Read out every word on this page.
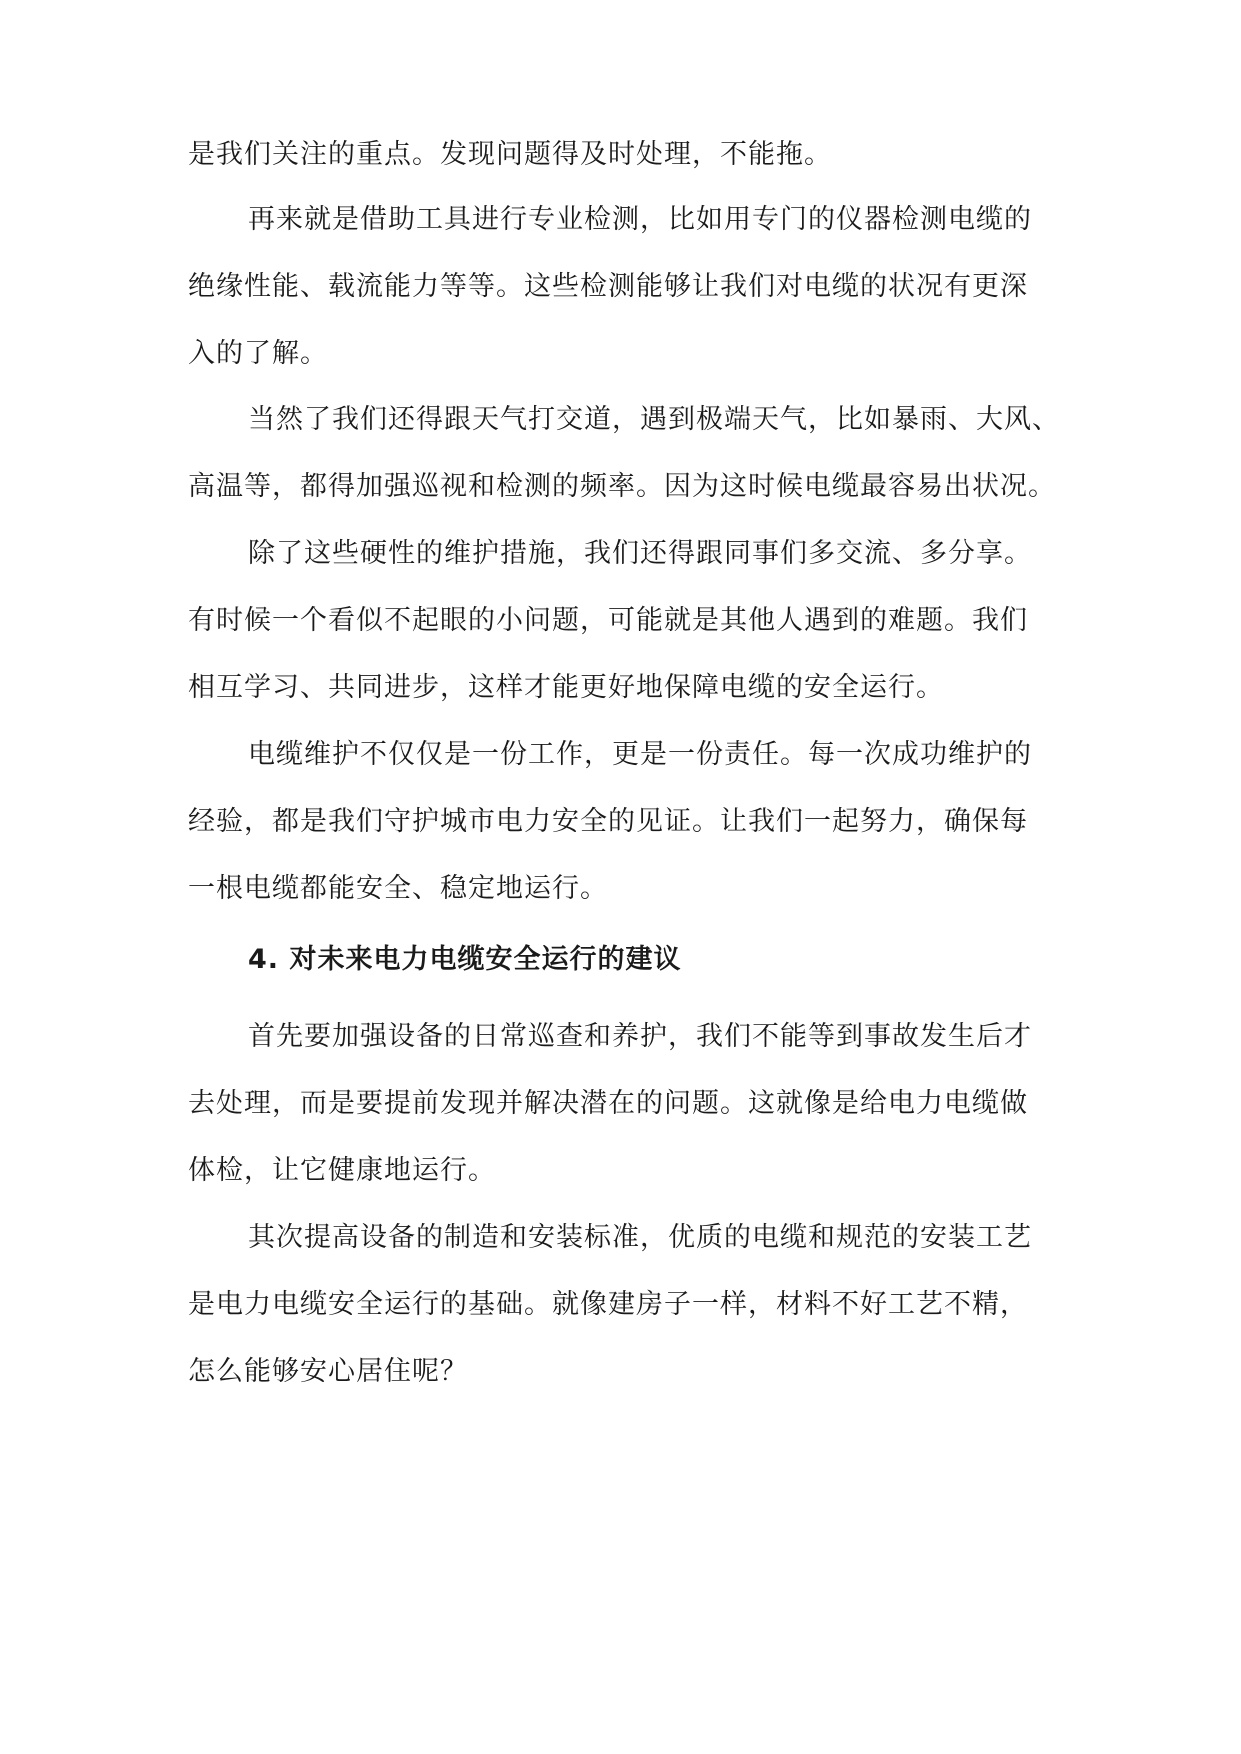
是我们关注的重点。发现问题得及时处理，不能拖。
再来就是借助工具进行专业检测，比如用专门的仪器检测电缆的
绝缘性能、载流能力等等。这些检测能够让我们对电缆的状况有更深
入的了解。
当然了我们还得跟天气打交道，遇到极端天气，比如暴雨、大风、
高温等，都得加强巡视和检测的频率。因为这时候电缆最容易出状况。
除了这些硬性的维护措施，我们还得跟同事们多交流、多分享。
有时候一个看似不起眼的小问题，可能就是其他人遇到的难题。我们
相互学习、共同进步，这样才能更好地保障电缆的安全运行。
电缆维护不仅仅是一份工作，更是一份责任。每一次成功维护的
经验，都是我们守护城市电力安全的见证。让我们一起努力，确保每
一根电缆都能安全、稳定地运行。
4. 对未来电力电缆安全运行的建议
首先要加强设备的日常巡查和养护，我们不能等到事故发生后才
去处理，而是要提前发现并解决潜在的问题。这就像是给电力电缆做
体检，让它健康地运行。
其次提高设备的制造和安装标准，优质的电缆和规范的安装工艺
是电力电缆安全运行的基础。就像建房子一样，材料不好工艺不精，
怎么能够安心居住呢？
